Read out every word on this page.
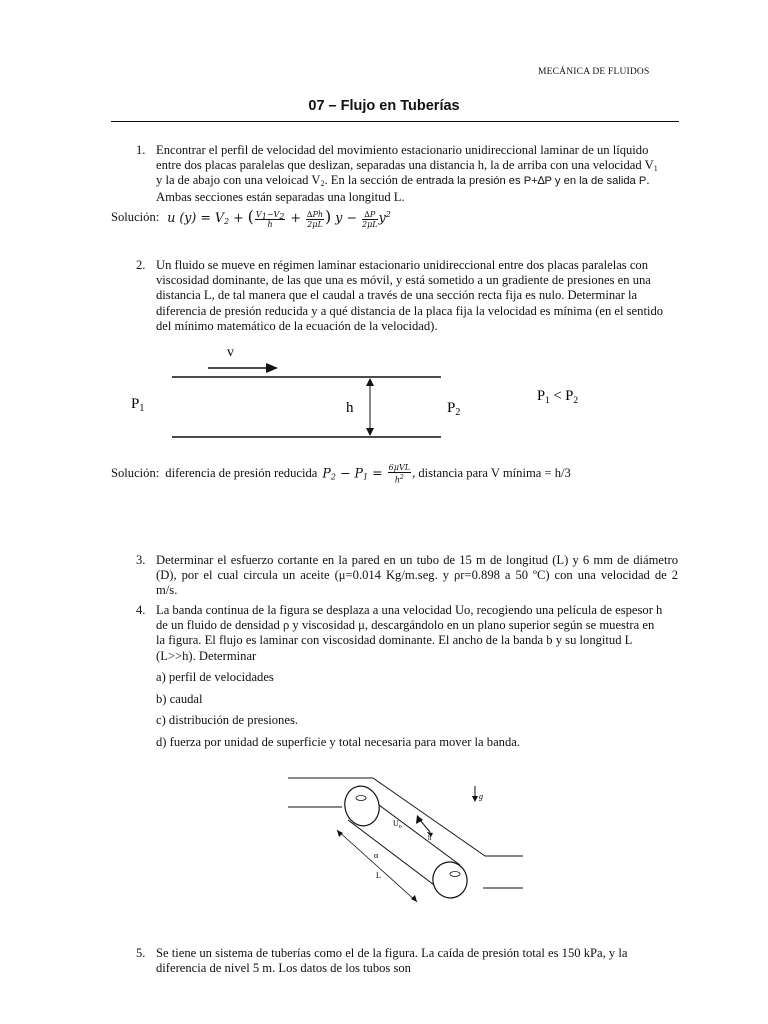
MECÁNICA DE FLUIDOS
07 – Flujo en Tuberías
1. Encontrar el perfil de velocidad del movimiento estacionario unidireccional laminar de un líquido
entre dos placas paralelas que deslizan, separadas una distancia h, la de arriba con una velocidad $V_1$
y la de abajo con una veloicad $V_2$. En la sección de entrada la presión es P+∆P y en la de salida P.
Ambas secciones están separadas una longitud L.
Solución: u $(y) = V_2$ + ( $\frac{V_1-V_2}{h} + \frac{\Delta Ph}{2\mu L}$ ) $y - \frac{\Delta P}{2\mu L} y^2$
2. Un fluido se mueve en régimen laminar estacionario unidireccional entre dos placas paralelas con
viscosidad dominante, de las que una es móvil, y está sometido a un gradiente de presiones en una
distancia L, de tal manera que el caudal a través de una sección recta fija es nulo. Determinar la
diferencia de presión reducida y a qué distancia de la placa fija la velocidad es mínima (en el sentido
del mínimo matemático de la ecuación de la velocidad).
v
$P_1$	h	$P_2$
$P_1 < P_2$
Solución: diferencia de presión reducida $P_2 - P_1 = \frac{\text{6μVL}}{h^2}$ , distancia para V mínima = h/3
3. Determinar el esfuerzo cortante en la pared en un tubo de 15 m de longitud (L) y 6 mm de diámetro
(D), por el cual circula un aceite (μ=0.014 Kg/m.seg. y ρr=0.898 a 50 ºC) con una velocidad de 2
m/s.
4. La banda continua de la figura se desplaza a una velocidad Uo, recogiendo una película de espesor h
de un fluido de densidad ρ y viscosidad μ, descargándolo en un plano superior según se muestra en
la figura. El flujo es laminar con viscosidad dominante. El ancho de la banda b y su longitud L
(L>>h). Determinar
a) perfil de velocidades
b) caudal
c) distribución de presiones.
d) fuerza por unidad de superficie y total necesaria para mover la banda.
$U_o$
h
α
L
g
5. Se tiene un sistema de tuberías como el de la figura. La caída de presión total es 150 kPa, y la
diferencia de nivel 5 m. Los datos de los tubos son
